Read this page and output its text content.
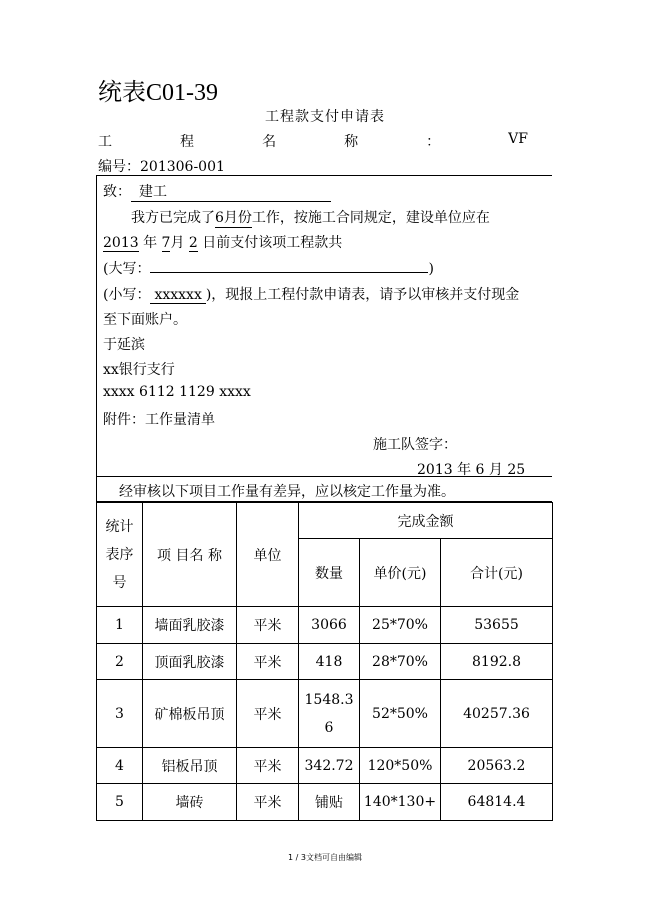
统表C01-39
工程款支付申请表
工	程	名	称	：	VF
编号：201306-001
致： 建工
我方已完成了6月份工作，按施工合同规定，建设单位应在
2013 年 7月 2 日前支付该项工程款共
(大写：	)
(小写： xxxxxx )，现报上工程付款申请表，请予以审核并支付现金
至下面账户。
于延滨
xx银行支行
xxxx 6112 1129 xxxx
附件：工作量清单
施工队签字：
2013 年 6 月 25
经审核以下项目工作量有差异，应以核定工作量为准。
统计表序号	项 目名 称	单位	完成金额		
			数量	单价(元)	合计(元)
1	墙面乳胶漆	平米	3066	25*70%	53655
2	顶面乳胶漆	平米	418	28*70%	8192.8
3	矿棉板吊顶	平米	1548.36	52*50%	40257.36
4	铝板吊顶	平米	342.72	120*50%	20563.2
5	墙砖	平米	铺贴	140*130+	64814.4
1 / 3文档可自由编辑
